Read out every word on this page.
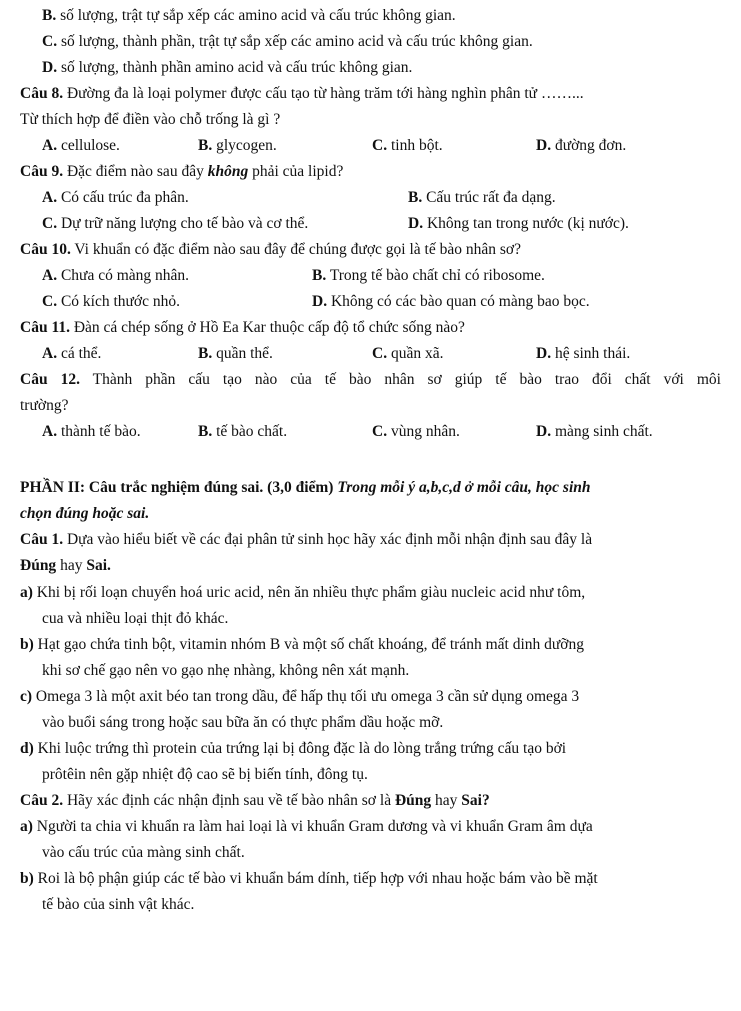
B. số lượng, trật tự sắp xếp các amino acid và cấu trúc không gian.
C. số lượng, thành phần, trật tự sắp xếp các amino acid và cấu trúc không gian.
D. số lượng, thành phần amino acid và cấu trúc không gian.
Câu 8. Đường đa là loại polymer được cấu tạo từ hàng trăm tới hàng nghìn phân tử ……...
Từ thích hợp để điền vào chỗ trống là gì ?
A. cellulose.	B. glycogen.	C. tinh bột.	D. đường đơn.
Câu 9. Đặc điểm nào sau đây không phải của lipid?
A. Có cấu trúc đa phân.	B. Cấu trúc rất đa dạng.
C. Dự trữ năng lượng cho tế bào và cơ thể.	D. Không tan trong nước (kị nước).
Câu 10. Vi khuẩn có đặc điểm nào sau đây để chúng được gọi là tế bào nhân sơ?
A. Chưa có màng nhân.	B. Trong tế bào chất chỉ có ribosome.
C. Có kích thước nhỏ.	D. Không có các bào quan có màng bao bọc.
Câu 11. Đàn cá chép sống ở Hồ Ea Kar thuộc cấp độ tổ chức sống nào?
A. cá thể.	B. quần thể.	C. quần xã.	D. hệ sinh thái.
Câu 12. Thành phần cấu tạo nào của tế bào nhân sơ giúp tế bào trao đổi chất với môi
trường?
A. thành tế bào.	B. tế bào chất.	C. vùng nhân.	D. màng sinh chất.
PHẦN II: Câu trắc nghiệm đúng sai. (3,0 điểm) Trong mỗi ý a,b,c,d ở mỗi câu, học sinh
chọn đúng hoặc sai.
Câu 1. Dựa vào hiểu biết về các đại phân tử sinh học hãy xác định mỗi nhận định sau đây là
Đúng hay Sai.
a) Khi bị rối loạn chuyển hoá uric acid, nên ăn nhiều thực phẩm giàu nucleic acid như tôm,
cua và nhiều loại thịt đỏ khác.
b) Hạt gạo chứa tinh bột, vitamin nhóm B và một số chất khoáng, để tránh mất dinh dưỡng
khi sơ chế gạo nên vo gạo nhẹ nhàng, không nên xát mạnh.
c) Omega 3 là một axit béo tan trong dầu, để hấp thụ tối ưu omega 3 cần sử dụng omega 3
vào buổi sáng trong hoặc sau bữa ăn có thực phẩm dầu hoặc mỡ.
d) Khi luộc trứng thì protein của trứng lại bị đông đặc là do lòng trắng trứng cấu tạo bởi
prôtêin nên gặp nhiệt độ cao sẽ bị biến tính, đông tụ.
Câu 2. Hãy xác định các nhận định sau về tế bào nhân sơ là Đúng hay Sai?
a) Người ta chia vi khuẩn ra làm hai loại là vi khuẩn Gram dương và vi khuẩn Gram âm dựa
vào cấu trúc của màng sinh chất.
b) Roi là bộ phận giúp các tế bào vi khuẩn bám dính, tiếp hợp với nhau hoặc bám vào bề mặt
tế bào của sinh vật khác.
